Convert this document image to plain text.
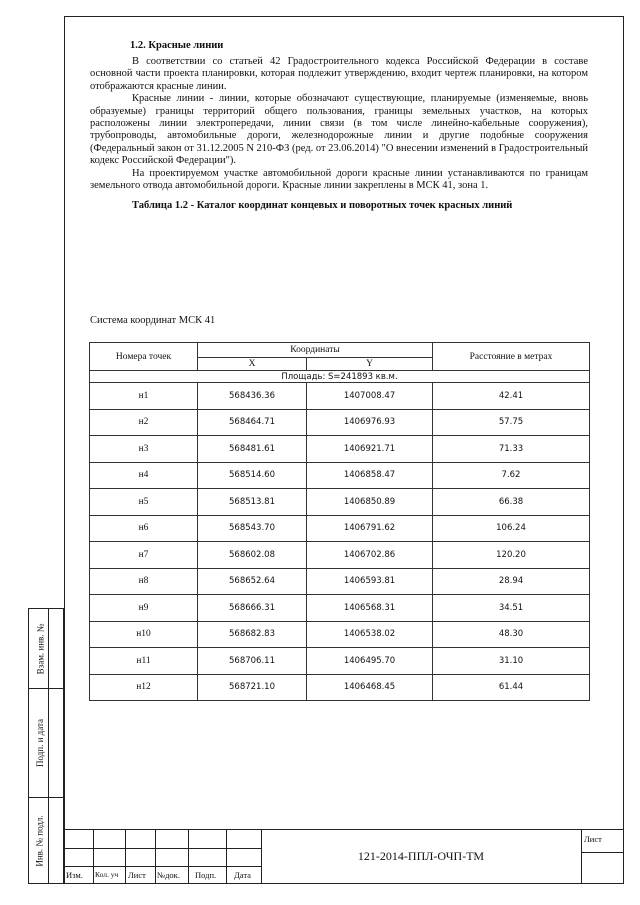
Взам. инв. №
Подп. и дата
Инв. № подл.
1.2. Красные линии

В соответствии со статьей 42 Градостроительного кодекса Российской Федерации в составе основной части проекта планировки, которая подлежит утверждению, входит чертеж планировки, на котором отображаются красные линии.

Красные линии - линии, которые обозначают существующие, планируемые (изменяемые, вновь образуемые) границы территорий общего пользования, границы земельных участков, на которых расположены линии электропередачи, линии связи (в том числе линейно-кабельные сооружения), трубопроводы, автомобильные дороги, железнодорожные линии и другие подобные сооружения (Федеральный закон от 31.12.2005 N 210-ФЗ (ред. от 23.06.2014) "О внесении изменений в Градостроительный кодекс Российской Федерации").

На проектируемом участке автомобильной дороги красные линии устанавливаются по границам земельного отвода автомобильной дороги. Красные линии закреплены в МСК 41, зона 1.

Таблица 1.2 - Каталог координат концевых и поворотных точек красных линий

Система координат МСК 41
Номера точек	Координаты		Расстояние в метрах
	X	Y	
Площадь: S=241893 кв.м.			
н1	568436.36	1407008.47	42.41
н2	568464.71	1406976.93	57.75
н3	568481.61	1406921.71	71.33
н4	568514.60	1406858.47	7.62
н5	568513.81	1406850.89	66.38
н6	568543.70	1406791.62	106.24
н7	568602.08	1406702.86	120.20
н8	568652.64	1406593.81	28.94
н9	568666.31	1406568.31	34.51
н10	568682.83	1406538.02	48.30
н11	568706.11	1406495.70	31.10
н12	568721.10	1406468.45	61.44
Изм. Кол. уч Лист №док. Подп. Дата
121-2014-ППЛ-ОЧП-ТМ
Лист
